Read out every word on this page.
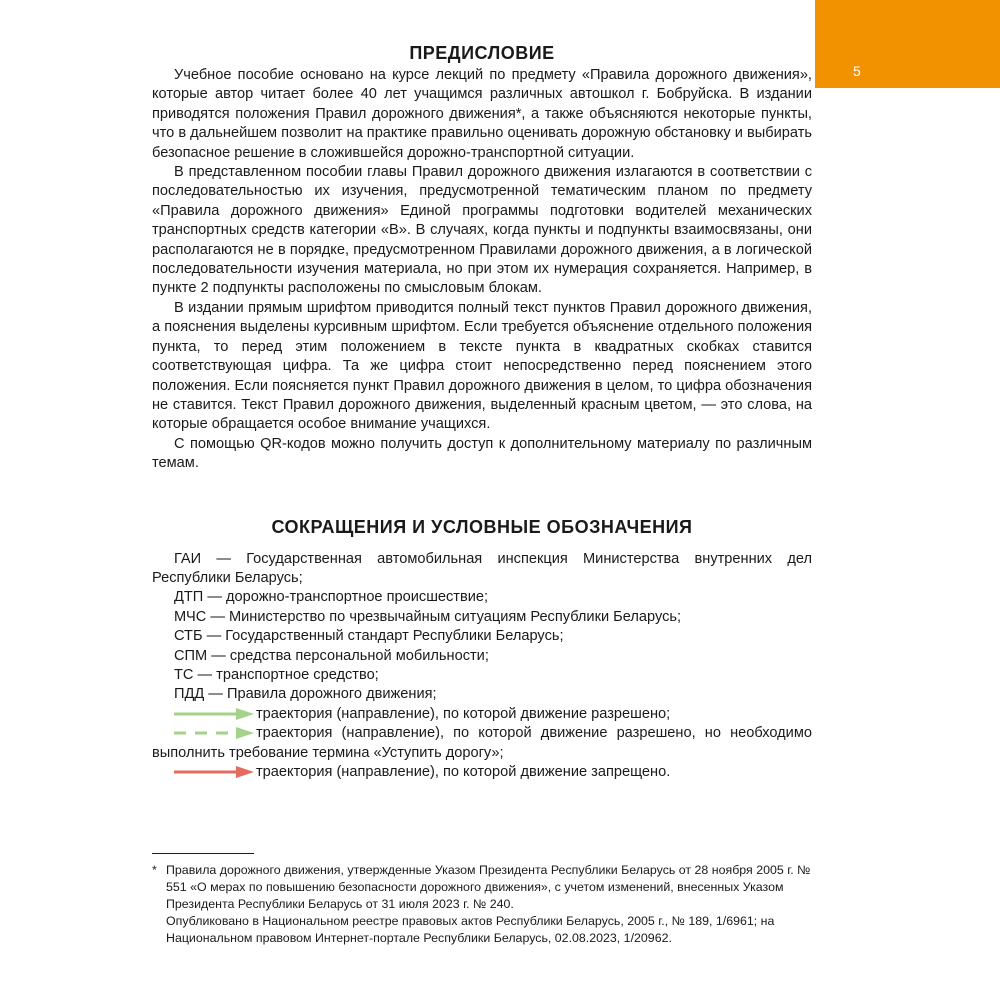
5
ПРЕДИСЛОВИЕ

Учебное пособие основано на курсе лекций по предмету «Правила дорожного движения», которые автор читает более 40 лет учащимся различных автошкол г. Бобруйска. В издании приводятся положения Правил дорожного движения*, а также объясняются некоторые пункты, что в дальнейшем позволит на практике правильно оценивать дорожную обстановку и выбирать безопасное решение в сложившейся дорожно-транспортной ситуации.

В представленном пособии главы Правил дорожного движения излагаются в соответствии с последовательностью их изучения, предусмотренной тематическим планом по предмету «Правила дорожного движения» Единой программы подготовки водителей механических транспортных средств категории «B». В случаях, когда пункты и подпункты взаимосвязаны, они располагаются не в порядке, предусмотренном Правилами дорожного движения, а в логической последовательности изучения материала, но при этом их нумерация сохраняется. Например, в пункте 2 подпункты расположены по смысловым блокам.

В издании прямым шрифтом приводится полный текст пунктов Правил дорожного движения, а пояснения выделены курсивным шрифтом. Если требуется объяснение отдельного положения пункта, то перед этим положением в тексте пункта в квадратных скобках ставится соответствующая цифра. Та же цифра стоит непосредственно перед пояснением этого положения. Если поясняется пункт Правил дорожного движения в целом, то цифра обозначения не ставится. Текст Правил дорожного движения, выделенный красным цветом, — это слова, на которые обращается особое внимание учащихся.

С помощью QR-кодов можно получить доступ к дополнительному материалу по различным темам.

СОКРАЩЕНИЯ И УСЛОВНЫЕ ОБОЗНАЧЕНИЯ
ГАИ — Государственная автомобильная инспекция Министерства внутренних дел Республики Беларусь;
ДТП — дорожно-транспортное происшествие;
МЧС — Министерство по чрезвычайным ситуациям Республики Беларусь;
СТБ — Государственный стандарт Республики Беларусь;
СПМ — средства персональной мобильности;
ТС — транспортное средство;
ПДД — Правила дорожного движения;
траектория (направление), по которой движение разрешено;
траектория (направление), по которой движение разрешено, но необходимо выполнить требование термина «Уступить дорогу»;
траектория (направление), по которой движение запрещено.
* Правила дорожного движения, утвержденные Указом Президента Республики Беларусь от 28 ноября 2005 г. № 551 «О мерах по повышению безопасности дорожного движения», с учетом изменений, внесенных Указом Президента Республики Беларусь от 31 июля 2023 г. № 240.
Опубликовано в Национальном реестре правовых актов Республики Беларусь, 2005 г., № 189, 1/6961; на Национальном правовом Интернет-портале Республики Беларусь, 02.08.2023, 1/20962.
